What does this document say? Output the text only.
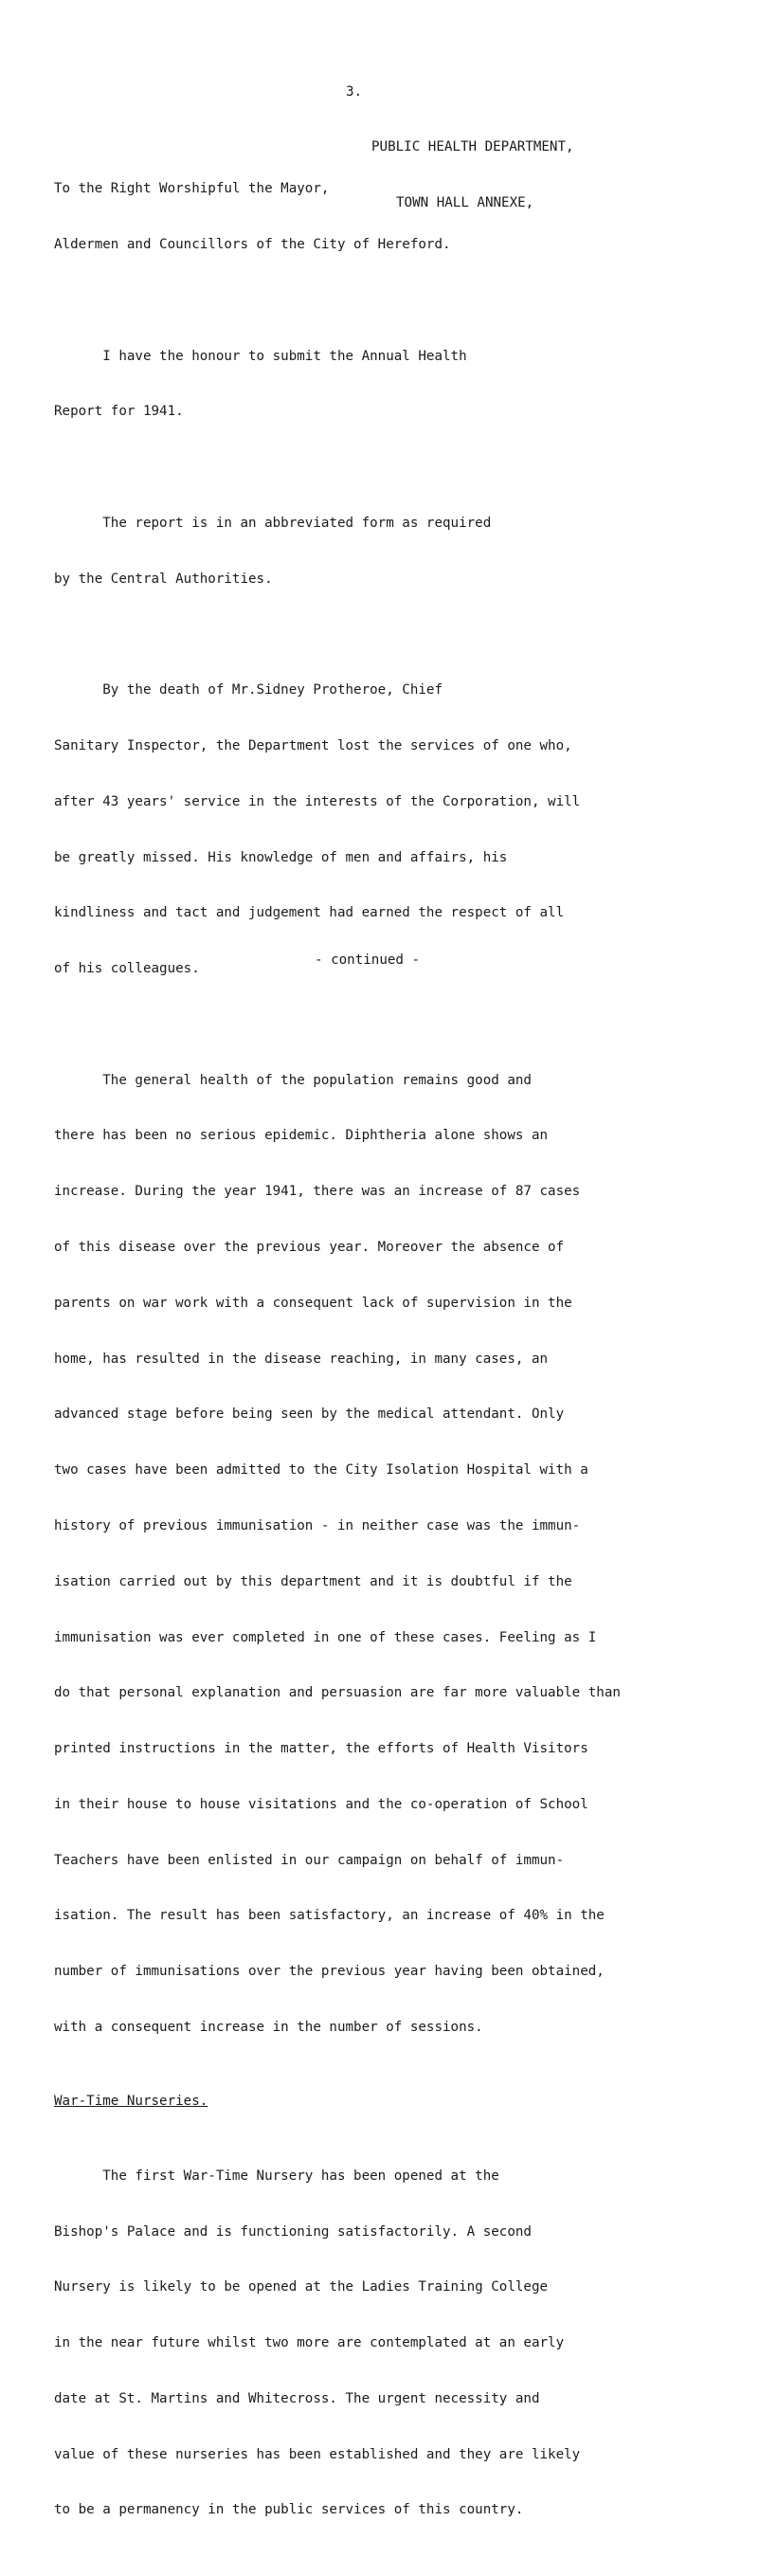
3.

PUBLIC HEALTH DEPARTMENT,

TOWN HALL ANNEXE,

To the Right Worshipful the Mayor,

Aldermen and Councillors of the City of Hereford.

I have the honour to submit the Annual Health

Report for 1941.

The report is in an abbreviated form as required

by the Central Authorities.

By the death of Mr.Sidney Protheroe, Chief

Sanitary Inspector, the Department lost the services of one who,

after 43 years' service in the interests of the Corporation, will

be greatly missed. His knowledge of men and affairs, his

kindliness and tact and judgement had earned the respect of all

of his colleagues.

The general health of the population remains good and

there has been no serious epidemic. Diphtheria alone shows an

increase. During the year 1941, there was an increase of 87 cases

of this disease over the previous year. Moreover the absence of

parents on war work with a consequent lack of supervision in the

home, has resulted in the disease reaching, in many cases, an

advanced stage before being seen by the medical attendant. Only

two cases have been admitted to the City Isolation Hospital with a

history of previous immunisation - in neither case was the immun-

isation carried out by this department and it is doubtful if the

immunisation was ever completed in one of these cases. Feeling as I

do that personal explanation and persuasion are far more valuable than

printed instructions in the matter, the efforts of Health Visitors

in their house to house visitations and the co-operation of School

Teachers have been enlisted in our campaign on behalf of immun-

isation. The result has been satisfactory, an increase of 40% in the

number of immunisations over the previous year having been obtained,

with a consequent increase in the number of sessions.

War-Time Nurseries.

The first War-Time Nursery has been opened at the

Bishop's Palace and is functioning satisfactorily. A second

Nursery is likely to be opened at the Ladies Training College

in the near future whilst two more are contemplated at an early

date at St. Martins and Whitecross. The urgent necessity and

value of these nurseries has been established and they are likely

to be a permanency in the public services of this country.

- continued -
